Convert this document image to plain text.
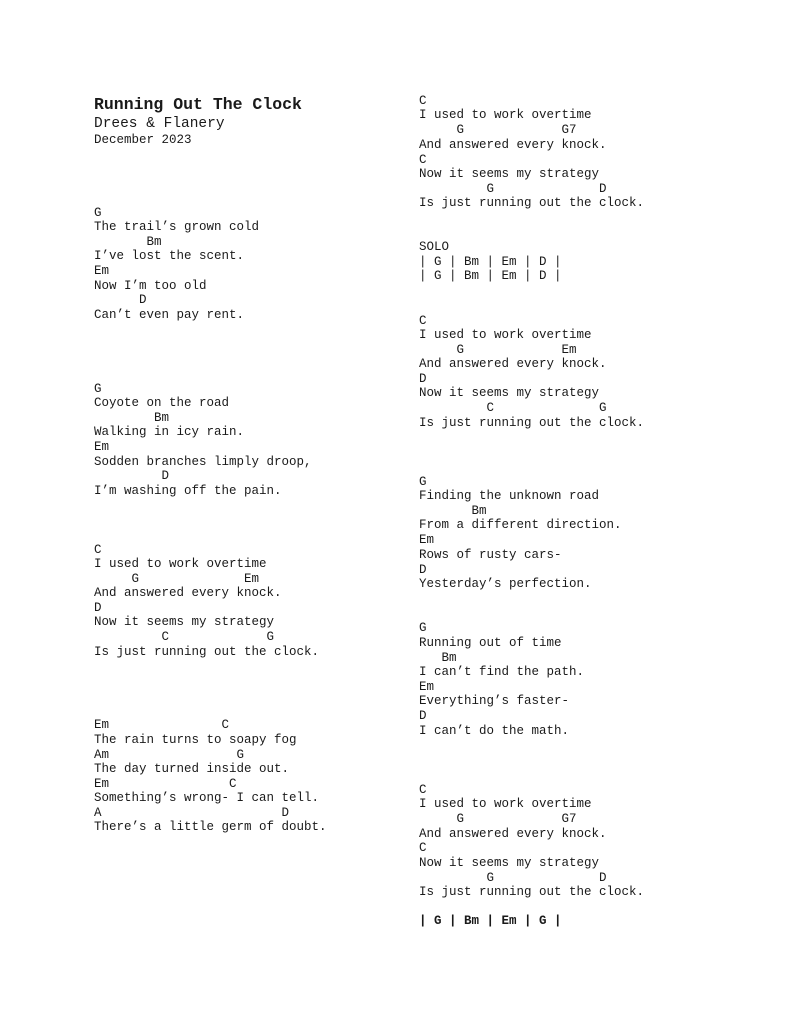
Running Out The Clock
Drees & Flanery
December 2023
G
The trail’s grown cold
Bm
I’ve lost the scent.
Em
Now I’m too old
D
Can’t even pay rent.
G
Coyote on the road
Bm
Walking in icy rain.
Em
Sodden branches limply droop,
D
I’m washing off the pain.
C
I used to work overtime
G              Em
And answered every knock.
D
Now it seems my strategy
C             G
Is just running out the clock.
Em               C
The rain turns to soapy fog
Am                 G
The day turned inside out.
Em                C
Something’s wrong- I can tell.
A                        D
There’s a little germ of doubt.
C
I used to work overtime
G             G7
And answered every knock.
C
Now it seems my strategy
G              D
Is just running out the clock.
SOLO
| G | Bm | Em | D |
| G | Bm | Em | D |
C
I used to work overtime
G             Em
And answered every knock.
D
Now it seems my strategy
C              G
Is just running out the clock.
G
Finding the unknown road
Bm
From a different direction.
Em
Rows of rusty cars-
D
Yesterday’s perfection.
G
Running out of time
Bm
I can’t find the path.
Em
Everything’s faster-
D
I can’t do the math.
C
I used to work overtime
G             G7
And answered every knock.
C
Now it seems my strategy
G              D
Is just running out the clock.
| G | Bm | Em | G |
